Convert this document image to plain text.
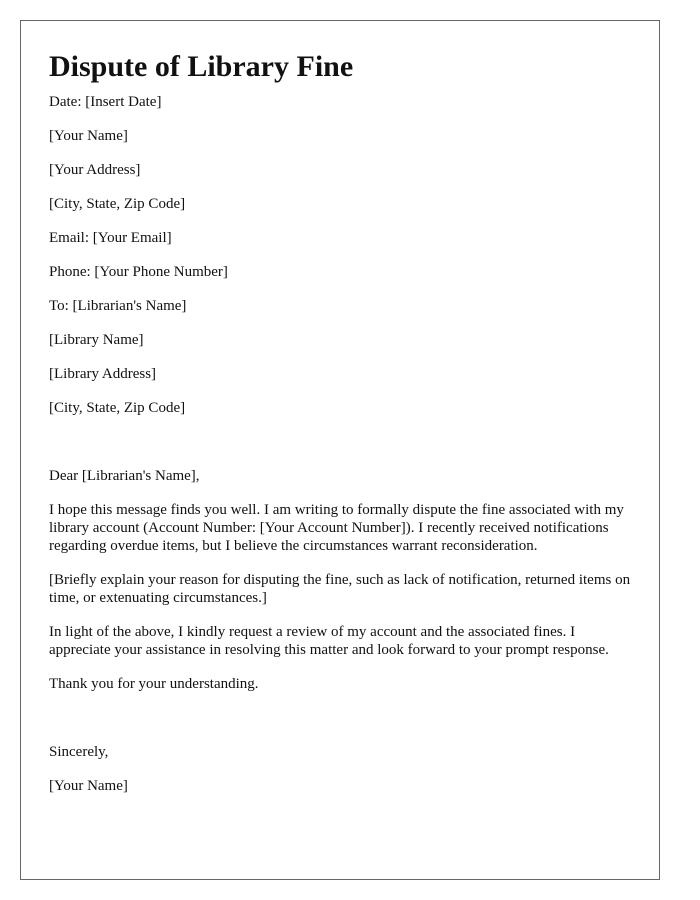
Dispute of Library Fine

Date: [Insert Date]

[Your Name]

[Your Address]

[City, State, Zip Code]

Email: [Your Email]

Phone: [Your Phone Number]

To: [Librarian's Name]

[Library Name]

[Library Address]

[City, State, Zip Code]

Dear [Librarian's Name],

I hope this message finds you well. I am writing to formally dispute the fine associated with my library account (Account Number: [Your Account Number]). I recently received notifications regarding overdue items, but I believe the circumstances warrant reconsideration.

[Briefly explain your reason for disputing the fine, such as lack of notification, returned items on time, or extenuating circumstances.]

In light of the above, I kindly request a review of my account and the associated fines. I appreciate your assistance in resolving this matter and look forward to your prompt response.

Thank you for your understanding.

Sincerely,

[Your Name]
